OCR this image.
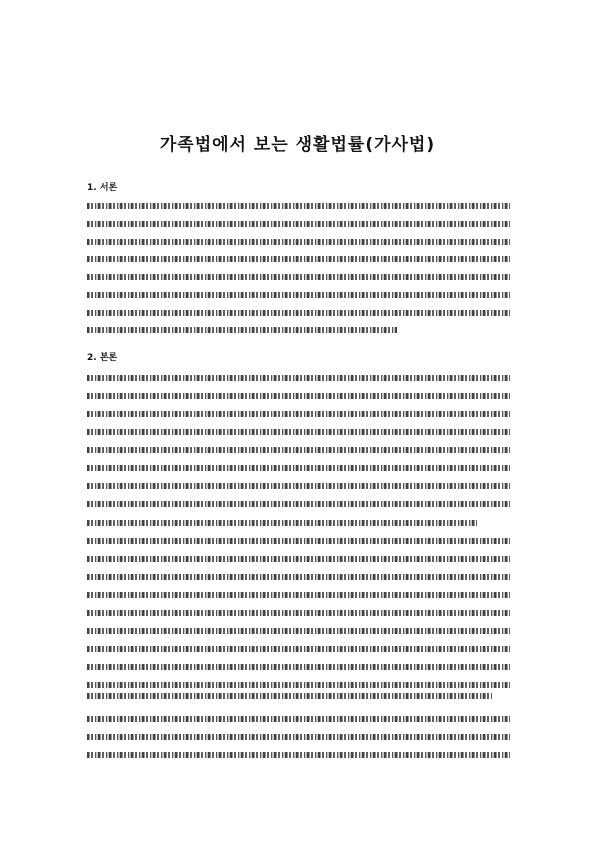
가족법에서 보는 생활법률(가사법)
1. 서론
2. 본론
